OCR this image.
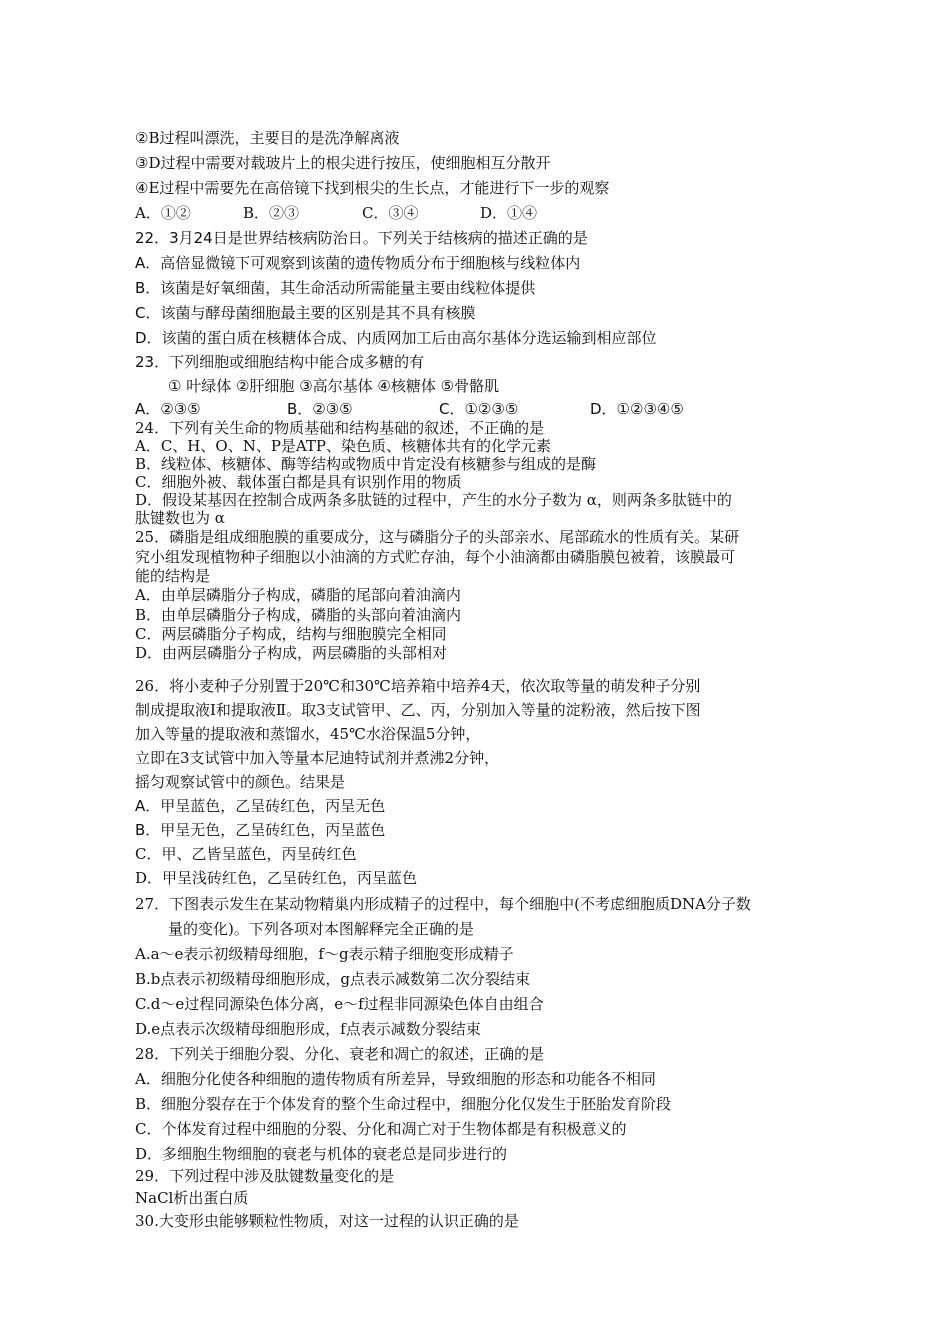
②B过程叫漂洗，主要目的是洗净解离液
③D过程中需要对载玻片上的根尖进行按压，使细胞相互分散开
④E过程中需要先在高倍镜下找到根尖的生长点，才能进行下一步的观察
A．①②	B．②③	C．③④	D．①④
22．3月24日是世界结核病防治日。下列关于结核病的描述正确的是
A．高倍显微镜下可观察到该菌的遗传物质分布于细胞核与线粒体内
B．该菌是好氧细菌，其生命活动所需能量主要由线粒体提供
C．该菌与酵母菌细胞最主要的区别是其不具有核膜
D．该菌的蛋白质在核糖体合成、内质网加工后由高尔基体分选运输到相应部位
23．下列细胞或细胞结构中能合成多糖的有
① 叶绿体 ②肝细胞 ③高尔基体 ④核糖体 ⑤骨骼肌
A．②③⑤	B．②③⑤	C．①②③⑤	D．①②③④⑤
24．下列有关生命的物质基础和结构基础的叙述，不正确的是
A．C、H、O、N、P是ATP、染色质、核糖体共有的化学元素
B．线粒体、核糖体、酶等结构或物质中肯定没有核糖参与组成的是酶
C．细胞外被、载体蛋白都是具有识别作用的物质
D．假设某基因在控制合成两条多肽链的过程中，产生的水分子数为 α，则两条多肽链中的
肽键数也为 α
25．磷脂是组成细胞膜的重要成分，这与磷脂分子的头部亲水、尾部疏水的性质有关。某研
究小组发现植物种子细胞以小油滴的方式贮存油，每个小油滴都由磷脂膜包被着，该膜最可
能的结构是
A．由单层磷脂分子构成，磷脂的尾部向着油滴内
B．由单层磷脂分子构成，磷脂的头部向着油滴内
C．两层磷脂分子构成，结构与细胞膜完全相同
D．由两层磷脂分子构成，两层磷脂的头部相对
26．将小麦种子分别置于20℃和30℃培养箱中培养4天，依次取等量的萌发种子分别
制成提取液Ⅰ和提取液Ⅱ。取3支试管甲、乙、丙，分别加入等量的淀粉液，然后按下图
加入等量的提取液和蒸馏水，45℃水浴保温5分钟，
立即在3支试管中加入等量本尼迪特试剂并煮沸2分钟，
摇匀观察试管中的颜色。结果是
A．甲呈蓝色，乙呈砖红色，丙呈无色
B．甲呈无色，乙呈砖红色，丙呈蓝色
C．甲、乙皆呈蓝色，丙呈砖红色
D．甲呈浅砖红色，乙呈砖红色，丙呈蓝色
27．下图表示发生在某动物精巢内形成精子的过程中，每个细胞中(不考虑细胞质DNA分子数
量的变化)。下列各项对本图解释完全正确的是
A.a～e表示初级精母细胞，f～g表示精子细胞变形成精子
B.b点表示初级精母细胞形成，g点表示减数第二次分裂结束
C.d～e过程同源染色体分离，e～f过程非同源染色体自由组合
D.e点表示次级精母细胞形成，f点表示减数分裂结束
28．下列关于细胞分裂、分化、衰老和凋亡的叙述，正确的是
A．细胞分化使各种细胞的遗传物质有所差异，导致细胞的形态和功能各不相同
B．细胞分裂存在于个体发育的整个生命过程中，细胞分化仅发生于胚胎发育阶段
C．个体发育过程中细胞的分裂、分化和凋亡对于生物体都是有积极意义的
D．多细胞生物细胞的衰老与机体的衰老总是同步进行的
29．下列过程中涉及肽键数量变化的是
NaCl析出蛋白质
30.大变形虫能够颗粒性物质，对这一过程的认识正确的是
